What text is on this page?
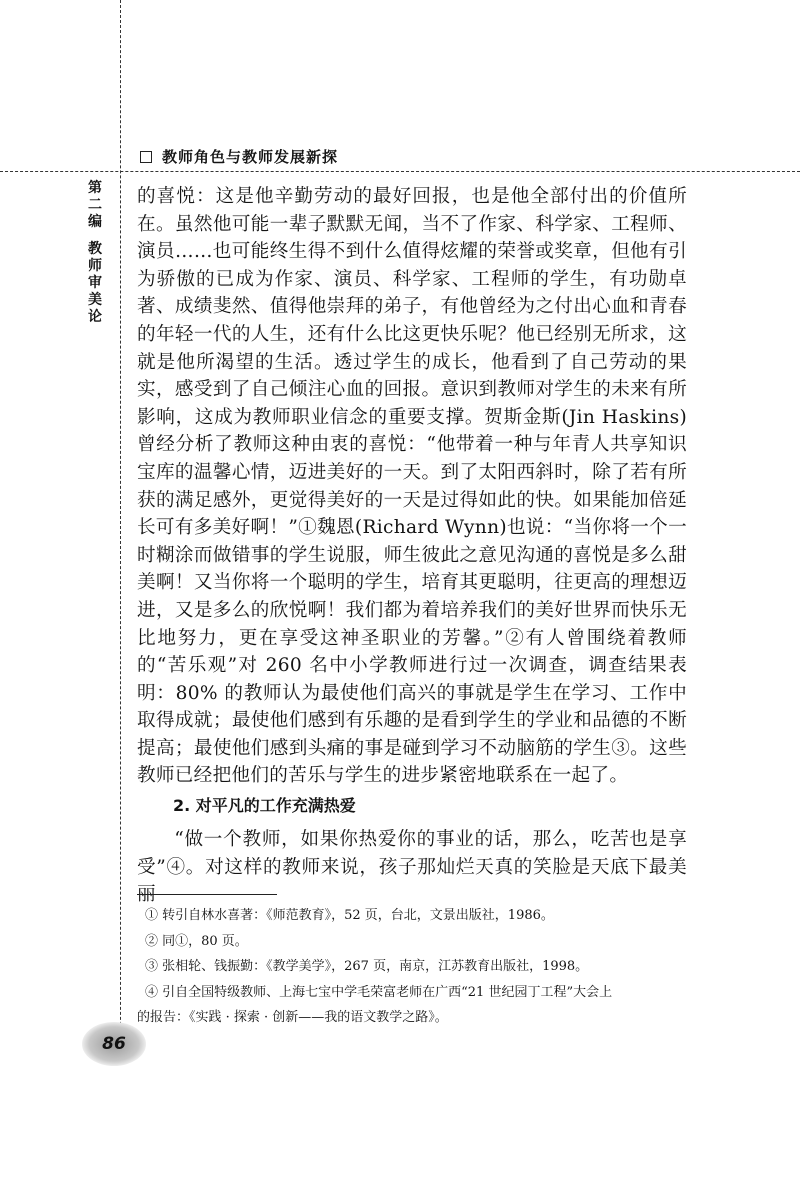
教师角色与教师发展新探
第
二
编
教
师
审
美
论

的喜悦：这是他辛勤劳动的最好回报，也是他全部付出的价值所在。虽然他可能一辈子默默无闻，当不了作家、科学家、工程师、演员……也可能终生得不到什么值得炫耀的荣誉或奖章，但他有引为骄傲的已成为作家、演员、科学家、工程师的学生，有功勋卓著、成绩斐然、值得他崇拜的弟子，有他曾经为之付出心血和青春的年轻一代的人生，还有什么比这更快乐呢？他已经别无所求，这就是他所渴望的生活。透过学生的成长，他看到了自己劳动的果实，感受到了自己倾注心血的回报。意识到教师对学生的未来有所影响，这成为教师职业信念的重要支撑。贺斯金斯(Jin Haskins)曾经分析了教师这种由衷的喜悦：“他带着一种与年青人共享知识宝库的温馨心情，迈进美好的一天。到了太阳西斜时，除了若有所获的满足感外，更觉得美好的一天是过得如此的快。如果能加倍延长可有多美好啊！”①魏恩(Richard Wynn)也说：“当你将一个一时糊涂而做错事的学生说服，师生彼此之意见沟通的喜悦是多么甜美啊！又当你将一个聪明的学生，培育其更聪明，往更高的理想迈进，又是多么的欣悦啊！我们都为着培养我们的美好世界而快乐无比地努力，更在享受这神圣职业的芳馨。”②有人曾围绕着教师的“苦乐观”对 260 名中小学教师进行过一次调查，调查结果表明：80% 的教师认为最使他们高兴的事就是学生在学习、工作中取得成就；最使他们感到有乐趣的是看到学生的学业和品德的不断提高；最使他们感到头痛的事是碰到学习不动脑筋的学生③。这些教师已经把他们的苦乐与学生的进步紧密地联系在一起了。

2. 对平凡的工作充满热爱

“做一个教师，如果你热爱你的事业的话，那么，吃苦也是享受”④。对这样的教师来说，孩子那灿烂天真的笑脸是天底下最美丽

① 转引自林水喜著：《师范教育》，52 页，台北，文景出版社，1986。
② 同①，80 页。
③ 张相轮、钱振勤：《教学美学》，267 页，南京，江苏教育出版社，1998。
④ 引自全国特级教师、上海七宝中学毛荣富老师在广西“21 世纪园丁工程”大会上
的报告：《实践 · 探索 · 创新——我的语文教学之路》。
86
